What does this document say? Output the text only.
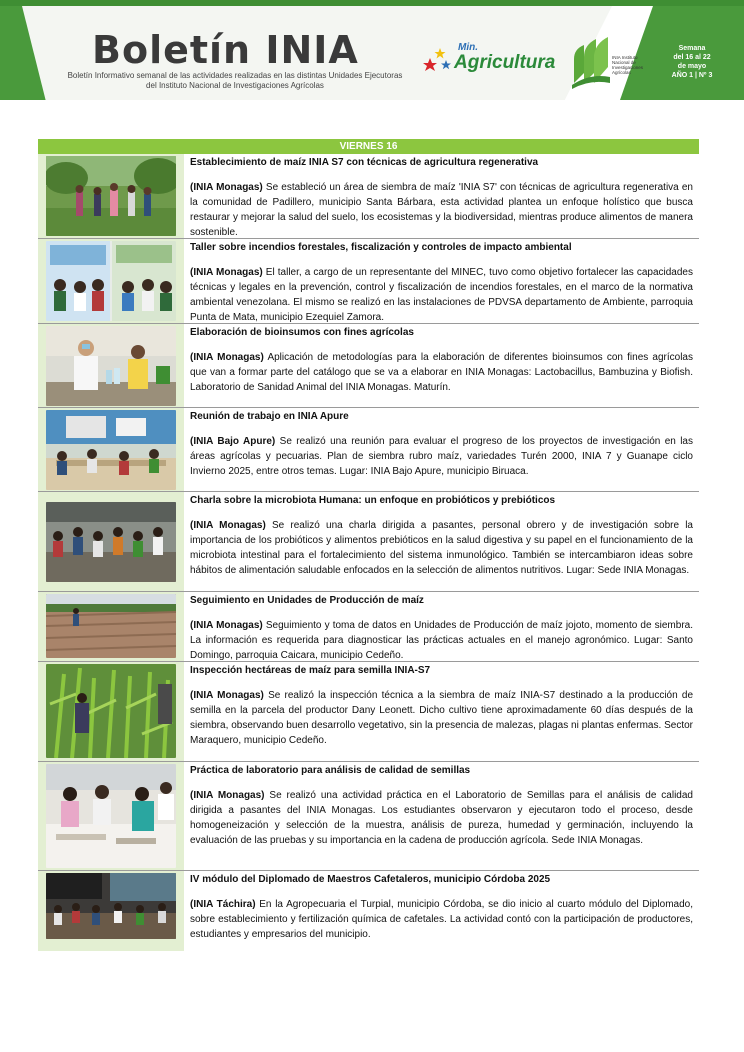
Boletín INIA
Boletín Informativo semanal de las actividades realizadas en las distintas Unidades Ejecutoras
del Instituto Nacional de Investigaciones Agrícolas
Min.
Agricultura	INIA Instituto Nacional de Investigaciones Agrícolas
Semana
del 16 al 22
de mayo
AÑO 1 | Nº 3
VIERNES 16

Establecimiento de maíz INIA S7 con técnicas de agricultura regenerativa

(INIA Monagas) Se estableció un área de siembra de maíz 'INIA S7' con técnicas de agricultura regenerativa en la comunidad de Padillero, municipio Santa Bárbara, esta actividad plantea un enfoque holístico que busca restaurar y mejorar la salud del suelo, los ecosistemas y la biodiversidad, mientras produce alimentos de manera sostenible.

Taller sobre incendios forestales, fiscalización y controles de impacto ambiental

(INIA Monagas) El taller, a cargo de un representante del MINEC, tuvo como objetivo fortalecer las capacidades técnicas y legales en la prevención, control y fiscalización de incendios forestales, en el marco de la normativa ambiental venezolana. El mismo se realizó en las instalaciones de PDVSA departamento de Ambiente, parroquia Punta de Mata, municipio Ezequiel Zamora.

Elaboración de bioinsumos con fines agrícolas

(INIA Monagas) Aplicación de metodologías para la elaboración de diferentes bioinsumos con fines agrícolas que van a formar parte del catálogo que se va a elaborar en INIA Monagas: Lactobacillus, Bambuzina y Biofish. Laboratorio de Sanidad Animal del INIA Monagas. Maturín.

Reunión de trabajo en INIA Apure

(INIA Bajo Apure) Se realizó una reunión para evaluar el progreso de los proyectos de investigación en las áreas agrícolas y pecuarias. Plan de siembra rubro maíz, variedades Turén 2000, INIA 7 y Guanape ciclo Invierno 2025, entre otros temas. Lugar: INIA Bajo Apure, municipio Biruaca.

Charla sobre la microbiota Humana: un enfoque en probióticos y prebióticos

(INIA Monagas) Se realizó una charla dirigida a pasantes, personal obrero y de investigación sobre la importancia de los probióticos y alimentos prebióticos en la salud digestiva y su papel en el funcionamiento de la microbiota intestinal para el fortalecimiento del sistema inmunológico. También se intercambiaron ideas sobre hábitos de alimentación saludable enfocados en la selección de alimentos nutritivos. Lugar: Sede INIA Monagas.

Seguimiento en Unidades de Producción de maíz

(INIA Monagas) Seguimiento y toma de datos en Unidades de Producción de maíz jojoto, momento de siembra. La información es requerida para diagnosticar las prácticas actuales en el manejo agronómico. Lugar: Santo Domingo, parroquia Caicara, municipio Cedeño.

Inspección hectáreas de maíz para semilla INIA-S7

(INIA Monagas) Se realizó la inspección técnica a la siembra de maíz INIA-S7 destinado a la producción de semilla en la parcela del productor Dany Leonett. Dicho cultivo tiene aproximadamente 60 días después de la siembra, observando buen desarrollo vegetativo, sin la presencia de malezas, plagas ni plantas enfermas. Sector Maraquero, municipio Cedeño.

Práctica de laboratorio para análisis de calidad de semillas

(INIA Monagas) Se realizó una actividad práctica en el Laboratorio de Semillas para el análisis de calidad dirigida a pasantes del INIA Monagas. Los estudiantes observaron y ejecutaron todo el proceso, desde homogeneización y selección de la muestra, análisis de pureza, humedad y germinación, incluyendo la evaluación de las pruebas y su importancia en la cadena de producción agrícola. Sede INIA Monagas.

IV módulo del Diplomado de Maestros Cafetaleros, municipio Córdoba 2025

(INIA Táchira) En la Agropecuaria el Turpial, municipio Córdoba, se dio inicio al cuarto módulo del Diplomado, sobre establecimiento y fertilización química de cafetales. La actividad contó con la participación de productores, estudiantes y empresarios del municipio.
